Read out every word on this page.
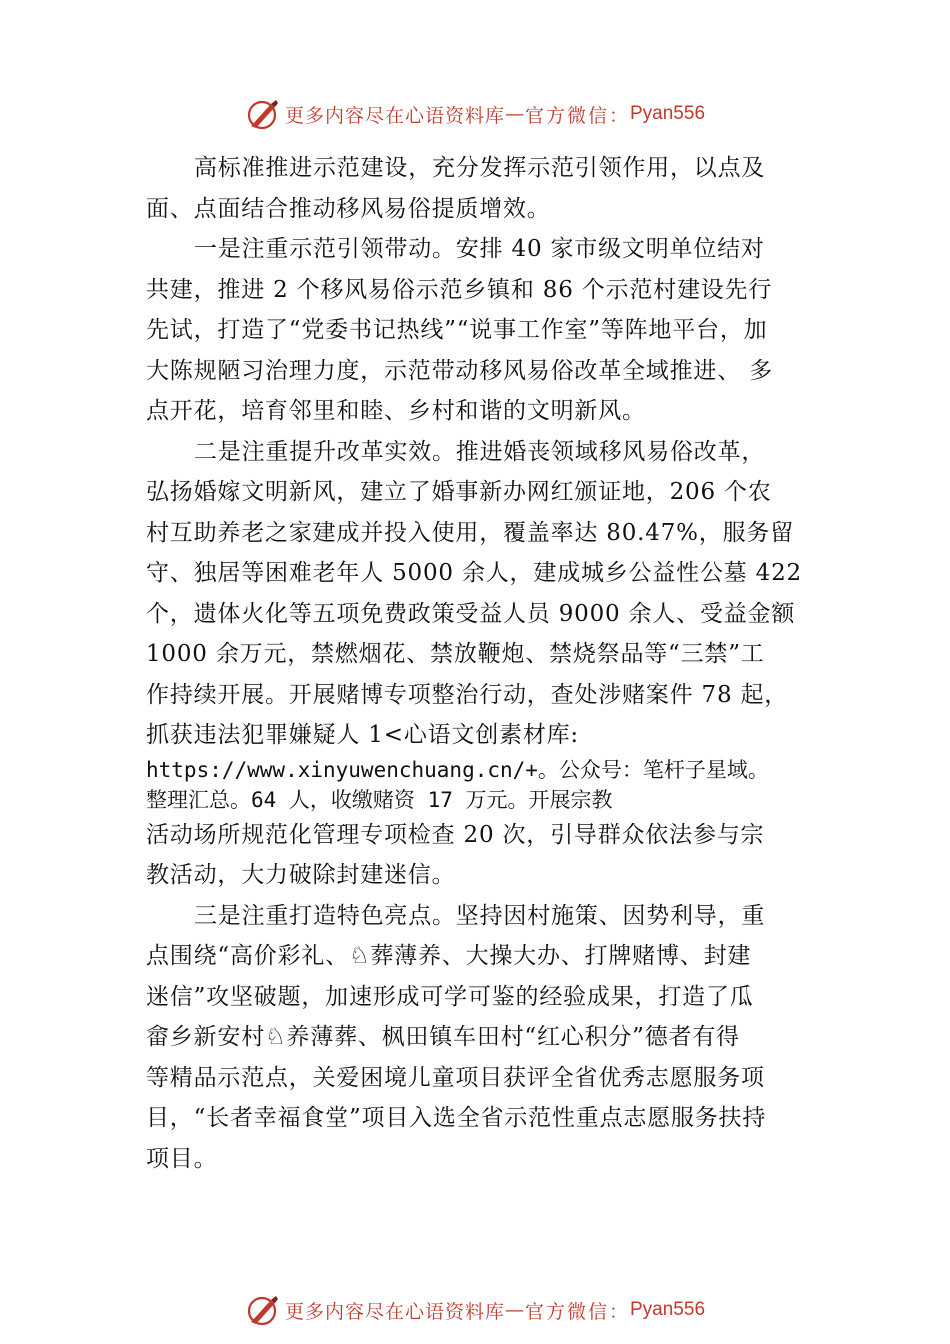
更多内容尽在心语资料库 — 官方微信： Pyan556
高标准推进示范建设，充分发挥示范引领作用，以点及
面、点面结合推动移风易俗提质增效。
一是注重示范引领带动。安排 40 家市级文明单位结对
共建，推进 2 个移风易俗示范乡镇和 86 个示范村建设先行
先试，打造了“党委书记热线”“说事工作室”等阵地平台，加
大陈规陋习治理力度，示范带动移风易俗改革全域推进、 多
点开花，培育邻里和睦、乡村和谐的文明新风。
二是注重提升改革实效。推进婚丧领域移风易俗改革，
弘扬婚嫁文明新风，建立了婚事新办网红颁证地，206 个农
村互助养老之家建成并投入使用，覆盖率达 80.47%，服务留
守、独居等困难老年人 5000 余人，建成城乡公益性公墓 422
个，遗体火化等五项免费政策受益人员 9000 余人、受益金额
1000 余万元，禁燃烟花、禁放鞭炮、禁烧祭品等“三禁”工
作持续开展。开展赌博专项整治行动，查处涉赌案件 78 起，
抓获违法犯罪嫌疑人 1<心语文创素材库:
https://www.xinyuwenchuang.cn/+。公众号：笔杆子星域。
整理汇总。64 人，收缴赌资 17 万元。开展宗教
活动场所规范化管理专项检查 20 次，引导群众依法参与宗
教活动，大力破除封建迷信。
三是注重打造特色亮点。坚持因村施策、因势利导，重
点围绕“高价彩礼、♘葬薄养、大操大办、打牌赌博、封建
迷信”攻坚破题，加速形成可学可鉴的经验成果，打造了瓜
畲乡新安村♘养薄葬、枫田镇车田村“红心积分”德者有得
等精品示范点，关爱困境儿童项目获评全省优秀志愿服务项
目，“长者幸福食堂”项目入选全省示范性重点志愿服务扶持
项目。
更多内容尽在心语资料库 — 官方微信： Pyan556
